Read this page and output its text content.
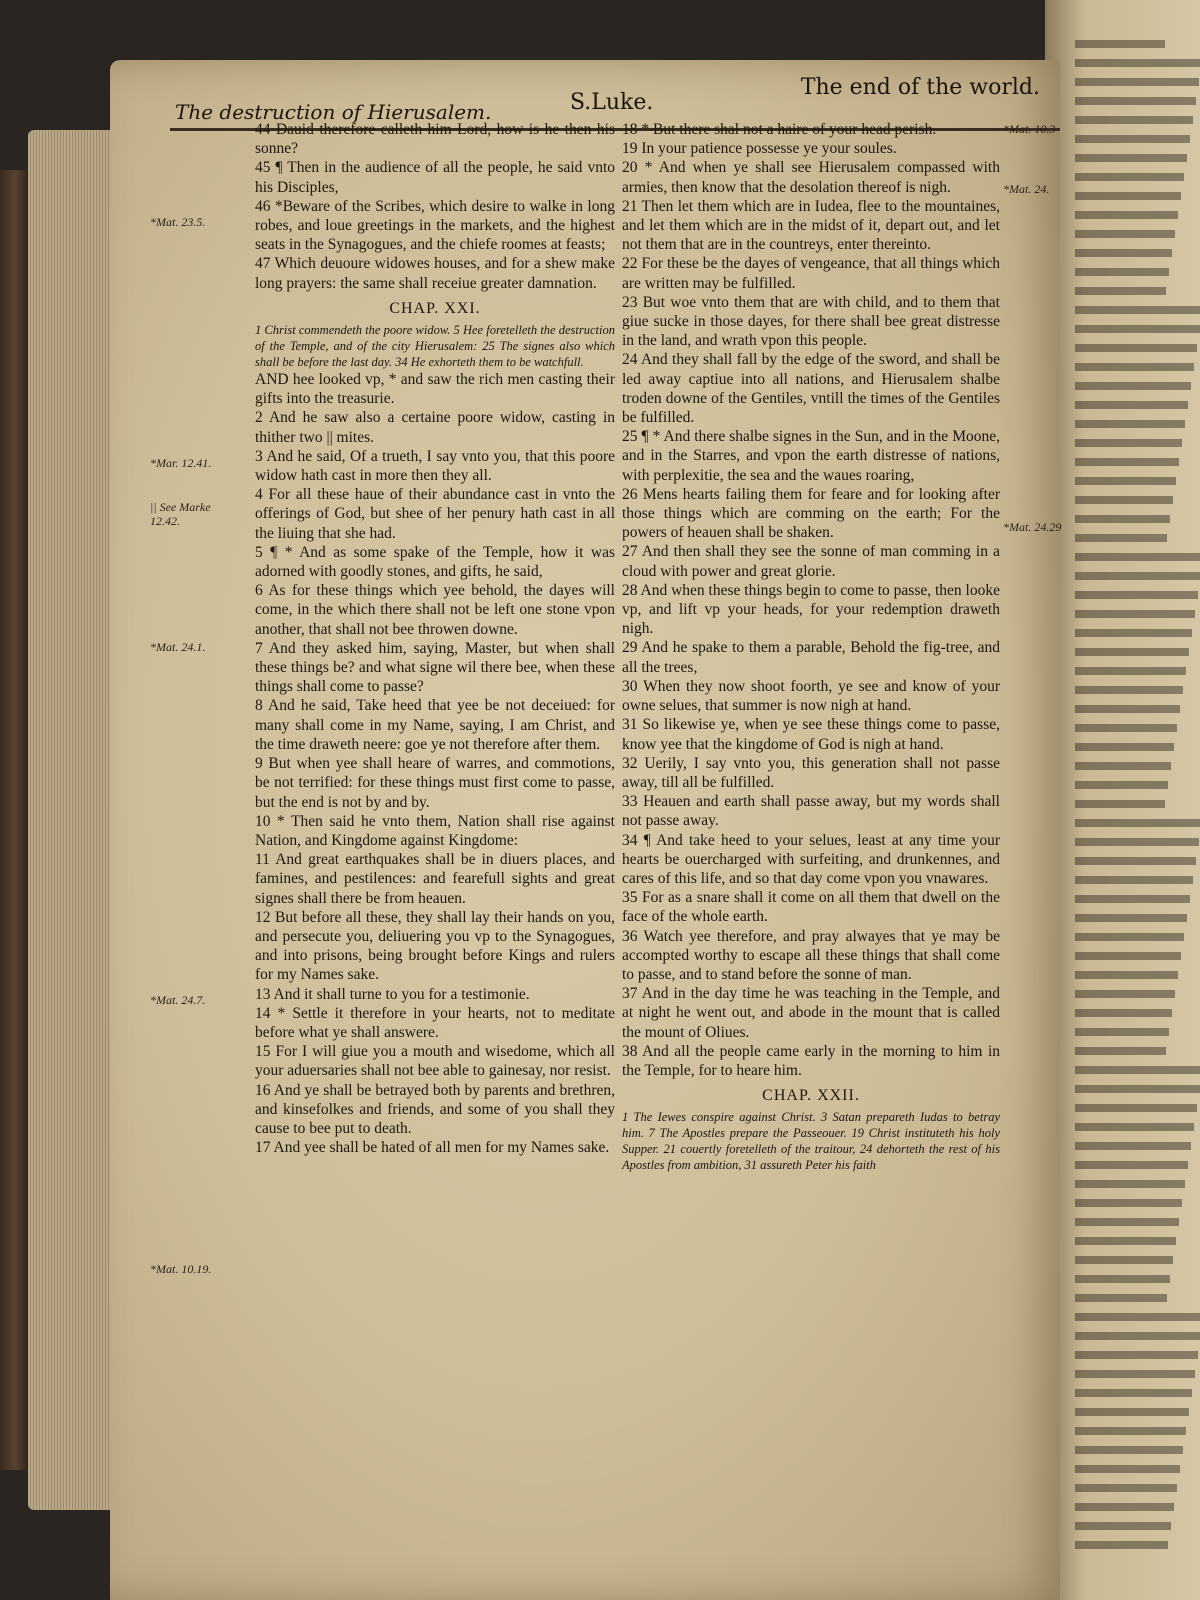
The destruction of Hierusalem.	S.Luke.
The end of the world.

44 Dauid therefore calleth him Lord, how is he then his sonne?

45 ¶ Then in the audience of all the people, he said vnto his Disciples,

46 *Beware of the Scribes, which desire to walke in long robes, and loue greetings in the markets, and the highest seats in the Synagogues, and the chiefe roomes at feasts;

47 Which deuoure widowes houses, and for a shew make long prayers: the same shall receiue greater damnation.

CHAP. XXI.

1 Christ commendeth the poore widow. 5 Hee foretelleth the destruction of the Temple, and of the city Hierusalem: 25 The signes also which shall be before the last day. 34 He exhorteth them to be watchfull.

AND hee looked vp, * and saw the rich men casting their gifts into the treasurie.

2 And he saw also a certaine poore widow, casting in thither two || mites.

3 And he said, Of a trueth, I say vnto you, that this poore widow hath cast in more then they all.

4 For all these haue of their abundance cast in vnto the offerings of God, but shee of her penury hath cast in all the liuing that she had.

5 ¶ * And as some spake of the Temple, how it was adorned with goodly stones, and gifts, he said,

6 As for these things which yee behold, the dayes will come, in the which there shall not be left one stone vpon another, that shall not bee throwen downe.

7 And they asked him, saying, Master, but when shall these things be? and what signe wil there bee, when these things shall come to passe?

8 And he said, Take heed that yee be not deceiued: for many shall come in my Name, saying, I am Christ, and the time draweth neere: goe ye not therefore after them.

9 But when yee shall heare of warres, and commotions, be not terrified: for these things must first come to passe, but the end is not by and by.

10 * Then said he vnto them, Nation shall rise against Nation, and Kingdome against Kingdome:

11 And great earthquakes shall be in diuers places, and famines, and pestilences: and fearefull sights and great signes shall there be from heauen.

12 But before all these, they shall lay their hands on you, and persecute you, deliuering you vp to the Synagogues, and into prisons, being brought before Kings and rulers for my Names sake.

13 And it shall turne to you for a testimonie.

14 * Settle it therefore in your hearts, not to meditate before what ye shall answere.

15 For I will giue you a mouth and wisedome, which all your aduersaries shall not bee able to gainesay, nor resist.

16 And ye shall be betrayed both by parents and brethren, and kinsefolkes and friends, and some of you shall they cause to bee put to death.

17 And yee shall be hated of all men for my Names sake.

18 * But there shal not a haire of your head perish.

19 In your patience possesse ye your soules.

20 * And when ye shall see Hierusalem compassed with armies, then know that the desolation thereof is nigh.

21 Then let them which are in Iudea, flee to the mountaines, and let them which are in the midst of it, depart out, and let not them that are in the countreys, enter thereinto.

22 For these be the dayes of vengeance, that all things which are written may be fulfilled.

23 But woe vnto them that are with child, and to them that giue sucke in those dayes, for there shall bee great distresse in the land, and wrath vpon this people.

24 And they shall fall by the edge of the sword, and shall be led away captiue into all nations, and Hierusalem shalbe troden downe of the Gentiles, vntill the times of the Gentiles be fulfilled.

25 ¶ * And there shalbe signes in the Sun, and in the Moone, and in the Starres, and vpon the earth distresse of nations, with perplexitie, the sea and the waues roaring,

26 Mens hearts failing them for feare and for looking after those things which are comming on the earth; For the powers of heauen shall be shaken.

27 And then shall they see the sonne of man comming in a cloud with power and great glorie.

28 And when these things begin to come to passe, then looke vp, and lift vp your heads, for your redemption draweth nigh.

29 And he spake to them a parable, Behold the fig-tree, and all the trees,

30 When they now shoot foorth, ye see and know of your owne selues, that summer is now nigh at hand.

31 So likewise ye, when ye see these things come to passe, know yee that the kingdome of God is nigh at hand.

32 Uerily, I say vnto you, this generation shall not passe away, till all be fulfilled.

33 Heauen and earth shall passe away, but my words shall not passe away.

34 ¶ And take heed to your selues, least at any time your hearts be ouercharged with surfeiting, and drunkennes, and cares of this life, and so that day come vpon you vnawares.

35 For as a snare shall it come on all them that dwell on the face of the whole earth.

36 Watch yee therefore, and pray alwayes that ye may be accompted worthy to escape all these things that shall come to passe, and to stand before the sonne of man.

37 And in the day time he was teaching in the Temple, and at night he went out, and abode in the mount that is called the mount of Oliues.

38 And all the people came early in the morning to him in the Temple, for to heare him.

CHAP. XXII.

1 The Iewes conspire against Christ. 3 Satan prepareth Iudas to betray him. 7 The Apostles prepare the Passeouer. 19 Christ instituteth his holy Supper. 21 couertly foretelleth of the traitour, 24 dehorteth the rest of his Apostles from ambition, 31 assureth Peter his faith

*Mat. 23.5.
*Mar. 12.41.
|| See Marke 12.42.
*Mat. 24.1.
*Mat. 24.7.
*Mat. 10.19.
*Mat. 10.3
*Mat. 24.
*Mat. 24.29
